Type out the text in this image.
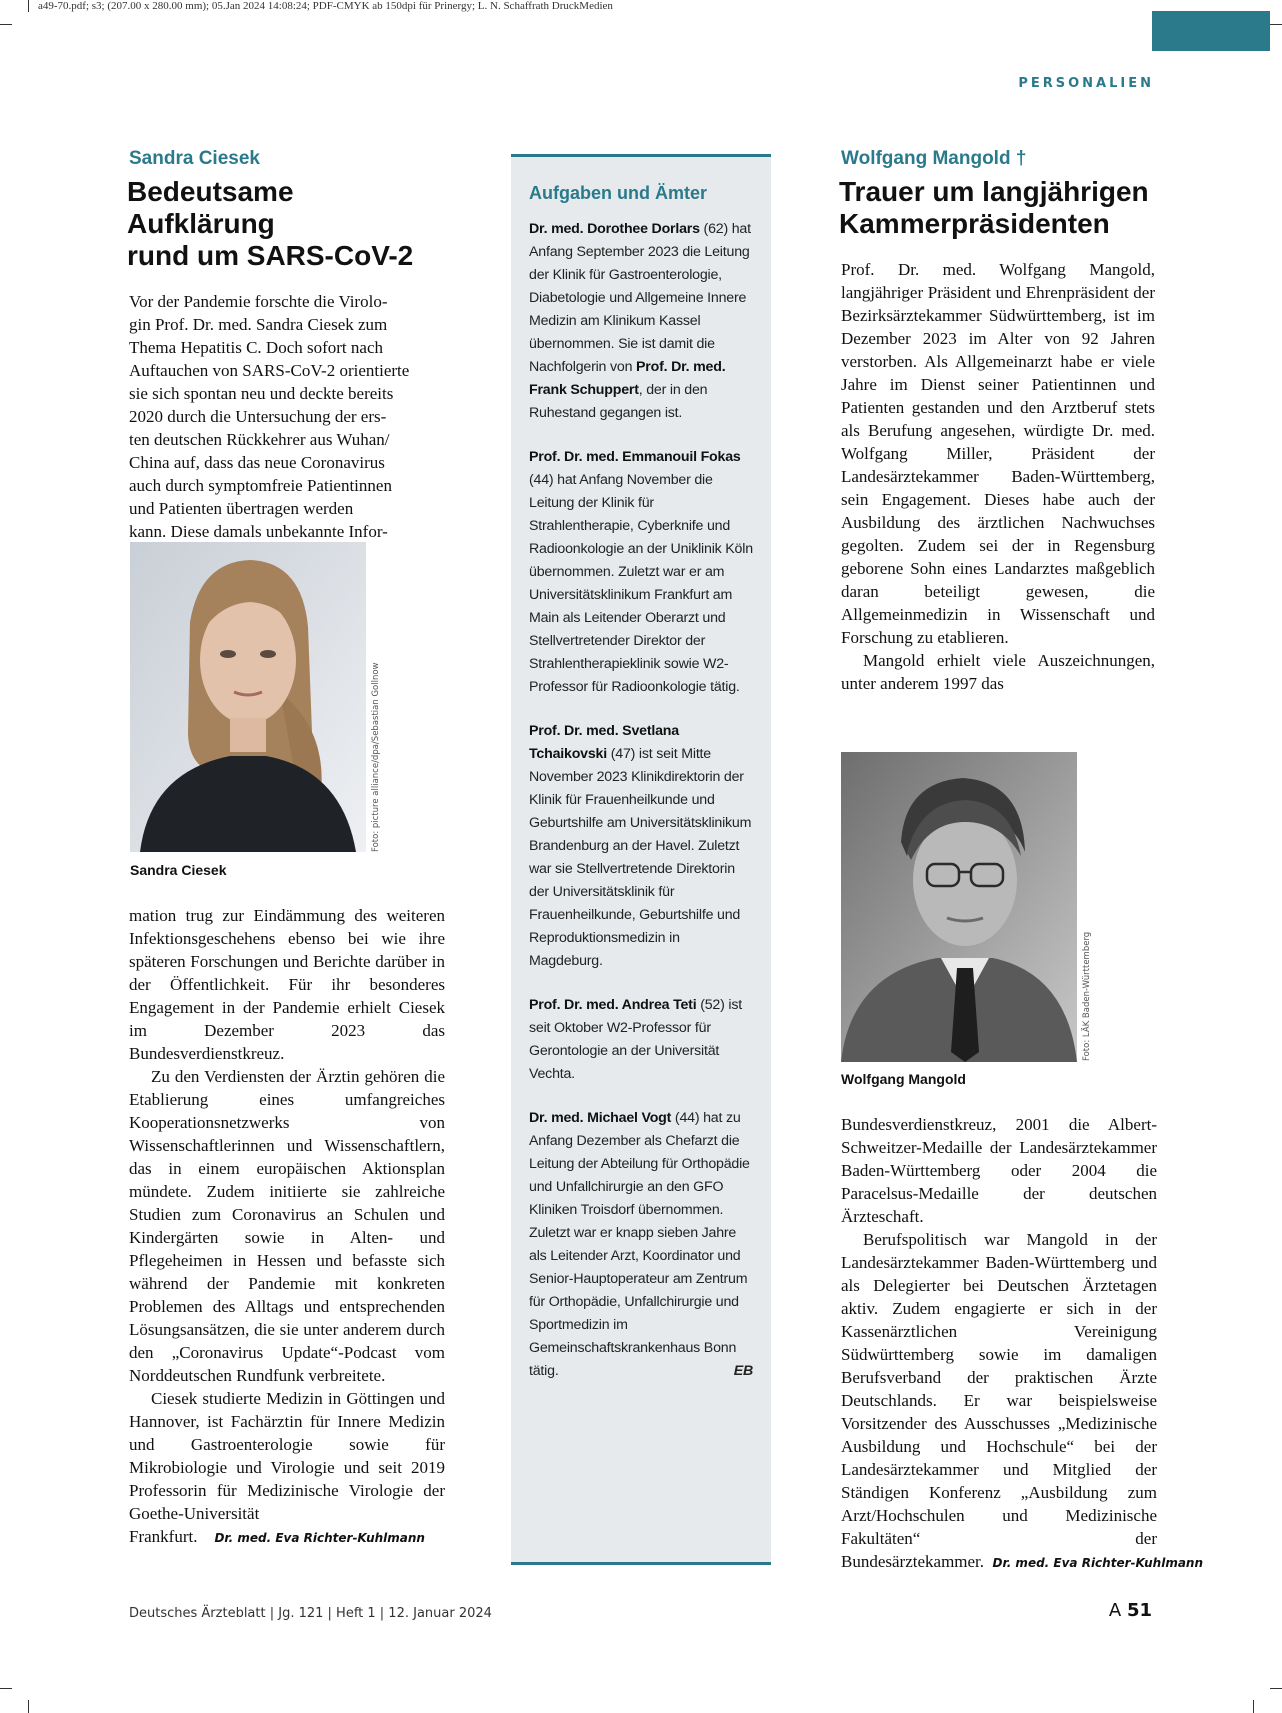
a49-70.pdf; s3; (207.00 x 280.00 mm); 05.Jan 2024 14:08:24; PDF-CMYK ab 150dpi für Prinergy; L. N. Schaffrath DruckMedien
PERSONALIEN
Sandra Ciesek
Bedeutsame Aufklärung
rund um SARS-CoV-2
Vor der Pandemie forschte die Virolo-
gin Prof. Dr. med. Sandra Ciesek zum
Thema Hepatitis C. Doch sofort nach
Auftauchen von SARS-CoV-2 orientierte
sie sich spontan neu und deckte bereits
2020 durch die Untersuchung der ers-
ten deutschen Rückkehrer aus Wuhan/
China auf, dass das neue Coronavirus
auch durch symptomfreie Patientinnen
und Patienten übertragen werden
kann. Diese damals unbekannte Infor-
Foto: picture alliance/dpa/Sebastian Gollnow
Sandra Ciesek

mation trug zur Eindämmung des weiteren Infektionsgeschehens ebenso bei wie ihre späteren Forschungen und Berichte darüber in der Öffentlichkeit. Für ihr besonderes Engagement in der Pandemie erhielt Ciesek im Dezember 2023 das Bundesverdienstkreuz.

Zu den Verdiensten der Ärztin gehören die Etablierung eines umfangreiches Kooperationsnetzwerks von Wissenschaftlerinnen und Wissenschaftlern, das in einem europäischen Aktionsplan mündete. Zudem initiierte sie zahlreiche Studien zum Coronavirus an Schulen und Kindergärten sowie in Alten- und Pflegeheimen in Hessen und befasste sich während der Pandemie mit konkreten Problemen des Alltags und entsprechenden Lösungsansätzen, die sie unter anderem durch den „Coronavirus Update“-Podcast vom Norddeutschen Rundfunk verbreitete.

Ciesek studierte Medizin in Göttingen und Hannover, ist Fachärztin für Innere Medizin und Gastroenterologie sowie für Mikrobiologie und Virologie und seit 2019 Professorin für Medizinische Virologie der Goethe-Universität Frankfurt. Dr. med. Eva Richter-Kuhlmann

Aufgaben und Ämter

Dr. med. Dorothee Dorlars (62) hat Anfang September 2023 die Leitung der Klinik für Gastroenterologie, Diabetologie und Allgemeine Innere Medizin am Klinikum Kassel übernommen. Sie ist damit die Nachfolgerin von Prof. Dr. med. Frank Schuppert, der in den Ruhestand gegangen ist.

Prof. Dr. med. Emmanouil Fokas (44) hat Anfang November die Leitung der Klinik für Strahlentherapie, Cyberknife und Radioonkologie an der Uniklinik Köln übernommen. Zuletzt war er am Universitätsklinikum Frankfurt am Main als Leitender Oberarzt und Stellvertretender Direktor der Strahlentherapieklinik sowie W2-Professor für Radioonkologie tätig.

Prof. Dr. med. Svetlana Tchaikovski (47) ist seit Mitte November 2023 Klinikdirektorin der Klinik für Frauenheilkunde und Geburtshilfe am Universitätsklinikum Brandenburg an der Havel. Zuletzt war sie Stellvertretende Direktorin der Universitätsklinik für Frauenheilkunde, Geburtshilfe und Reproduktionsmedizin in Magdeburg.

Prof. Dr. med. Andrea Teti (52) ist seit Oktober W2-Professor für Gerontologie an der Universität Vechta.

Dr. med. Michael Vogt (44) hat zu Anfang Dezember als Chefarzt die Leitung der Abteilung für Orthopädie und Unfallchirurgie an den GFO Kliniken Troisdorf übernommen. Zuletzt war er knapp sieben Jahre als Leitender Arzt, Koordinator und Senior-Hauptoperateur am Zentrum für Orthopädie, Unfallchirurgie und Sportmedizin im Gemeinschaftskrankenhaus Bonn tätig.	EB

Wolfgang Mangold †
Trauer um langjährigen
Kammerpräsidenten

Prof. Dr. med. Wolfgang Mangold, langjähriger Präsident und Ehrenpräsident der Bezirksärztekammer Südwürttemberg, ist im Dezember 2023 im Alter von 92 Jahren verstorben. Als Allgemeinarzt habe er viele Jahre im Dienst seiner Patientinnen und Patienten gestanden und den Arztberuf stets als Berufung angesehen, würdigte Dr. med. Wolfgang Miller, Präsident der Landesärztekammer Baden-Württemberg, sein Engagement. Dieses habe auch der Ausbildung des ärztlichen Nachwuchses gegolten. Zudem sei der in Regensburg geborene Sohn eines Landarztes maßgeblich daran beteiligt gewesen, die Allgemeinmedizin in Wissenschaft und Forschung zu etablieren.

Mangold erhielt viele Auszeichnungen, unter anderem 1997 das

Foto: LÄK Baden-Württemberg
Wolfgang Mangold

Bundesverdienstkreuz, 2001 die Albert-Schweitzer-Medaille der Landesärztekammer Baden-Württemberg oder 2004 die Paracelsus-Medaille der deutschen Ärzteschaft.

Berufspolitisch war Mangold in der Landesärztekammer Baden-Württemberg und als Delegierter bei Deutschen Ärztetagen aktiv. Zudem engagierte er sich in der Kassenärztlichen Vereinigung Südwürttemberg sowie im damaligen Berufsverband der praktischen Ärzte Deutschlands. Er war beispielsweise Vorsitzender des Ausschusses „Medizinische Ausbildung und Hochschule“ bei der Landesärztekammer und Mitglied der Ständigen Konferenz „Ausbildung zum Arzt/Hochschulen und Medizinische Fakultäten“ der Bundesärztekammer. Dr. med. Eva Richter-Kuhlmann

Deutsches Ärzteblatt | Jg. 121 | Heft 1 | 12. Januar 2024	A 51
